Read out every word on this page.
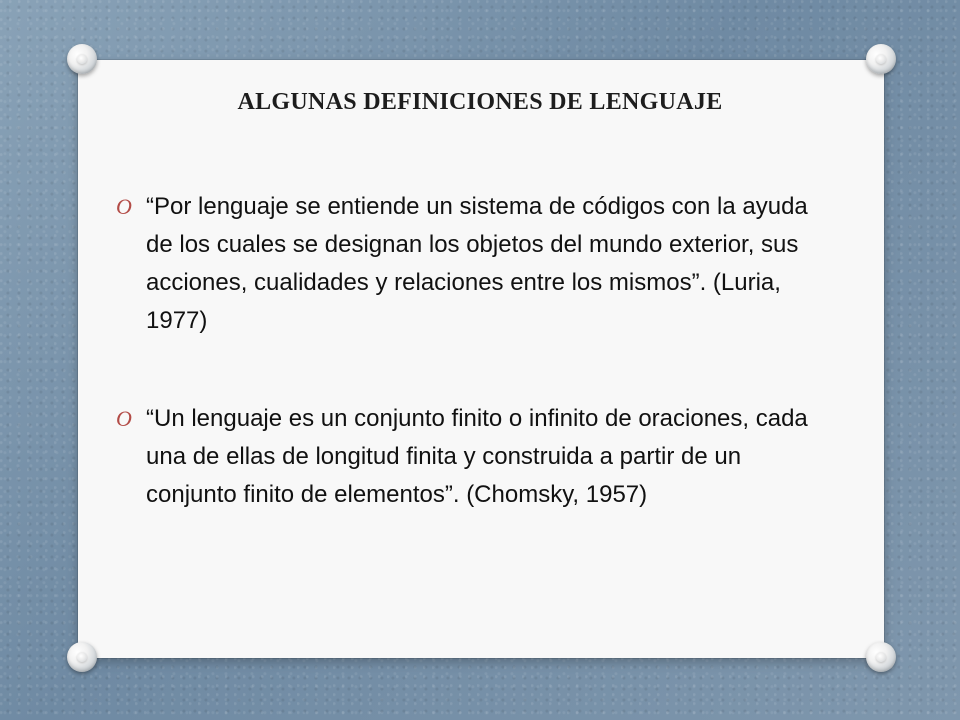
ALGUNAS DEFINICIONES DE LENGUAJE
O “Por lenguaje se entiende un sistema de códigos con la ayuda de los cuales se designan los objetos del mundo exterior, sus acciones, cualidades y relaciones entre los mismos”. (Luria, 1977)
O “Un lenguaje es un conjunto finito o infinito de oraciones, cada una de ellas de longitud finita y construida a partir de un conjunto finito de elementos”. (Chomsky, 1957)
